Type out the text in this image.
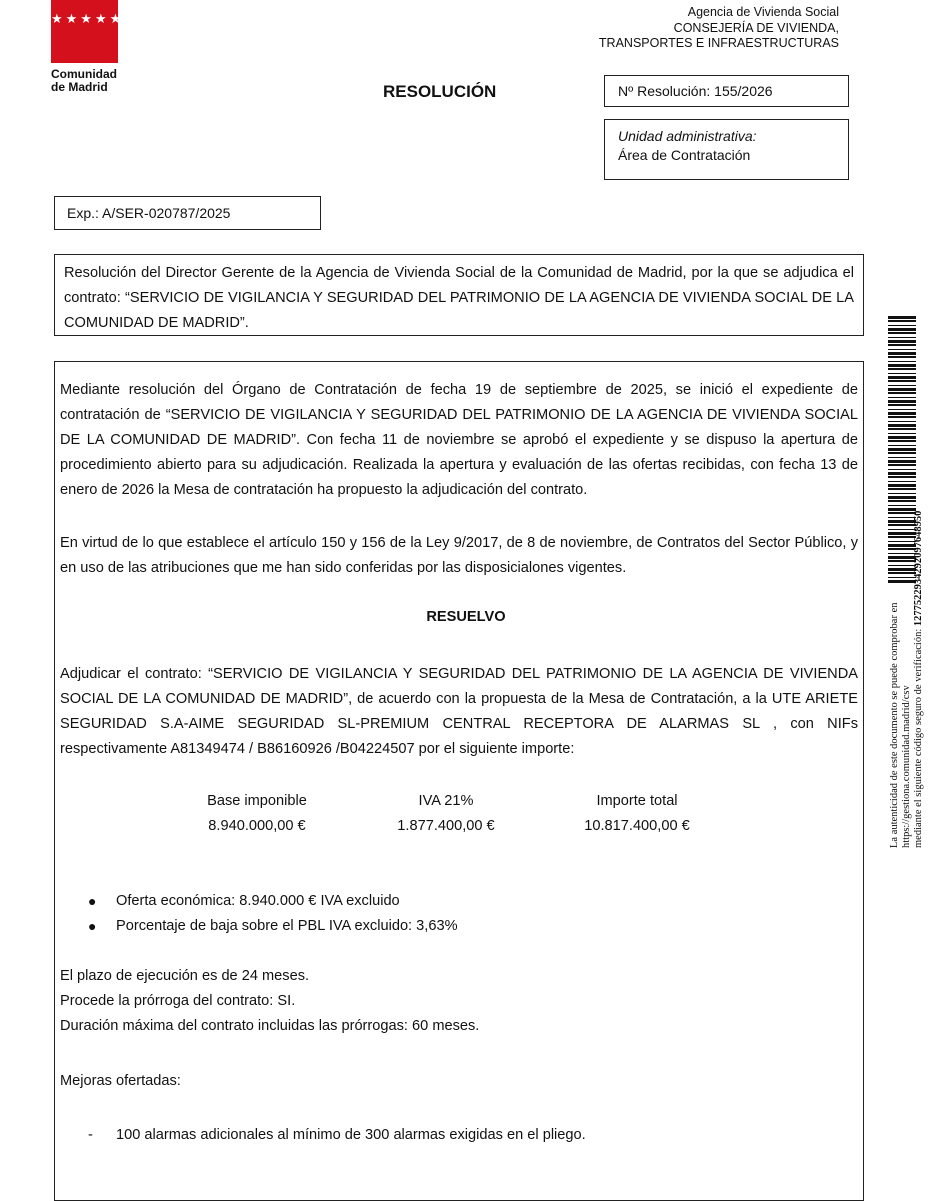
★★★★★★★
Comunidad
de Madrid
Agencia de Vivienda Social
CONSEJERÍA DE VIVIENDA,
TRANSPORTES E INFRAESTRUCTURAS
RESOLUCIÓN	Nº Resolución: 155/2026
Unidad administrativa:
Área de Contratación
Exp.: A/SER-020787/2025
Resolución del Director Gerente de la Agencia de Vivienda Social de la Comunidad de Madrid, por la que se adjudica el contrato: “SERVICIO DE VIGILANCIA Y SEGURIDAD DEL PATRIMONIO DE LA AGENCIA DE VIVIENDA SOCIAL DE LA COMUNIDAD DE MADRID”.
Mediante resolución del Órgano de Contratación de fecha 19 de septiembre de 2025, se inició el expediente de contratación de “SERVICIO DE VIGILANCIA Y SEGURIDAD DEL PATRIMONIO DE LA AGENCIA DE VIVIENDA SOCIAL DE LA COMUNIDAD DE MADRID”. Con fecha 11 de noviembre se aprobó el expediente y se dispuso la apertura de procedimiento abierto para su adjudicación. Realizada la apertura y evaluación de las ofertas recibidas, con fecha 13 de enero de 2026 la Mesa de contratación ha propuesto la adjudicación del contrato.
En virtud de lo que establece el artículo 150 y 156 de la Ley 9/2017, de 8 de noviembre, de Contratos del Sector Público, y en uso de las atribuciones que me han sido conferidas por las disposicialones vigentes.
RESUELVO
Adjudicar el contrato: “SERVICIO DE VIGILANCIA Y SEGURIDAD DEL PATRIMONIO DE LA AGENCIA DE VIVIENDA SOCIAL DE LA COMUNIDAD DE MADRID”, de acuerdo con la propuesta de la Mesa de Contratación, a la UTE ARIETE SEGURIDAD S.A-AIME SEGURIDAD SL-PREMIUM CENTRAL RECEPTORA DE ALARMAS SL , con NIFs respectivamente A81349474 / B86160926 /B04224507 por el siguiente importe:
Base imponible
8.940.000,00 €
IVA 21%
1.877.400,00 €
Importe total
10.817.400,00 €
● Oferta económica: 8.940.000 € IVA excluido
● Porcentaje de baja sobre el PBL IVA excluido: 3,63%
El plazo de ejecución es de 24 meses.
Procede la prórroga del contrato: SI.
Duración máxima del contrato incluidas las prórrogas: 60 meses.
Mejoras ofertadas:
- 100 alarmas adicionales al mínimo de 300 alarmas exigidas en el pliego.
La autenticidad de este documento se puede comprobar en https://gestiona.comunidad.madrid/csv mediante el siguiente código seguro de verificación: 1277522934292097648950
